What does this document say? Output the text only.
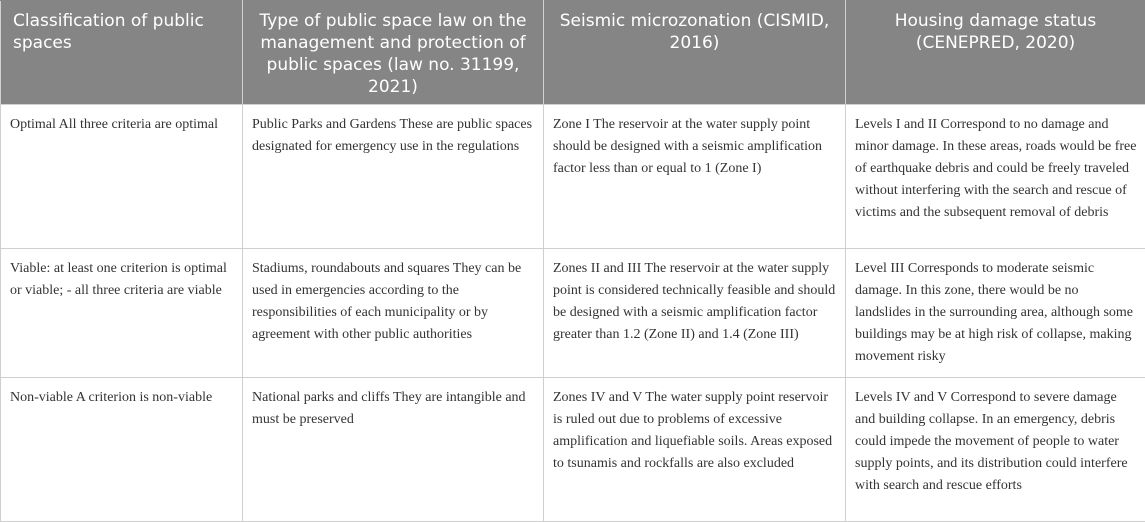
Classification of public spaces	Type of public space law on the management and protection of public spaces (law no. 31199, 2021)	Seismic microzonation (CISMID, 2016)	Housing damage status (CENEPRED, 2020)
Optimal All three criteria are optimal	Public Parks and Gardens These are public spaces designated for emergency use in the regulations	Zone I The reservoir at the water supply point should be designed with a seismic amplification factor less than or equal to 1 (Zone I)	Levels I and II Correspond to no damage and minor damage. In these areas, roads would be free of earthquake debris and could be freely traveled without interfering with the search and rescue of victims and the subsequent removal of debris
Viable: at least one criterion is optimal or viable; - all three criteria are viable	Stadiums, roundabouts and squares They can be used in emergencies according to the responsibilities of each municipality or by agreement with other public authorities	Zones II and III The reservoir at the water supply point is considered technically feasible and should be designed with a seismic amplification factor greater than 1.2 (Zone II) and 1.4 (Zone III)	Level III Corresponds to moderate seismic damage. In this zone, there would be no landslides in the surrounding area, although some buildings may be at high risk of collapse, making movement risky
Non-viable A criterion is non-viable	National parks and cliffs They are intangible and must be preserved	Zones IV and V The water supply point reservoir is ruled out due to problems of excessive amplification and liquefiable soils. Areas exposed to tsunamis and rockfalls are also excluded	Levels IV and V Correspond to severe damage and building collapse. In an emergency, debris could impede the movement of people to water supply points, and its distribution could interfere with search and rescue efforts
